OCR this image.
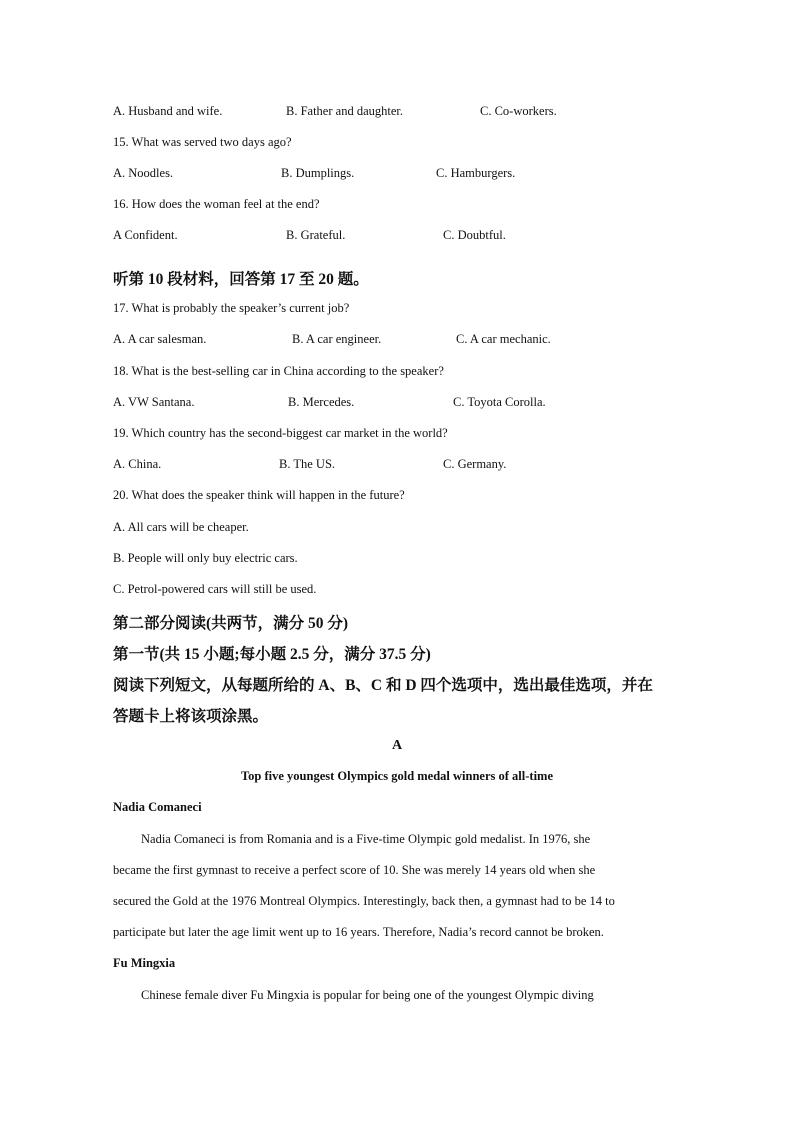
A. Husband and wife.	B. Father and daughter.	C. Co-workers.
15. What was served two days ago?
A. Noodles.	B. Dumplings.	C. Hamburgers.
16. How does the woman feel at the end?
A Confident.	B. Grateful.	C. Doubtful.
听第 10 段材料，回答第 17 至 20 题。
17. What is probably the speaker’s current job?
A. A car salesman.	B. A car engineer.	C. A car mechanic.
18. What is the best-selling car in China according to the speaker?
A. VW Santana.	B. Mercedes.	C. Toyota Corolla.
19. Which country has the second-biggest car market in the world?
A. China.	B. The US.	C. Germany.
20. What does the speaker think will happen in the future?
A. All cars will be cheaper.
B. People will only buy electric cars.
C. Petrol-powered cars will still be used.
第二部分阅读(共两节，满分 50 分)
第一节(共 15 小题;每小题 2.5 分，满分 37.5 分)
阅读下列短文，从每题所给的 A、B、C 和 D 四个选项中，选出最佳选项，并在
答题卡上将该项涂黑。
A
Top five youngest Olympics gold medal winners of all-time
Nadia Comaneci
Nadia Comaneci is from Romania and is a Five-time Olympic gold medalist. In 1976, she
became the first gymnast to receive a perfect score of 10. She was merely 14 years old when she
secured the Gold at the 1976 Montreal Olympics. Interestingly, back then, a gymnast had to be 14 to
participate but later the age limit went up to 16 years. Therefore, Nadia’s record cannot be broken.
Fu Mingxia
Chinese female diver Fu Mingxia is popular for being one of the youngest Olympic diving
